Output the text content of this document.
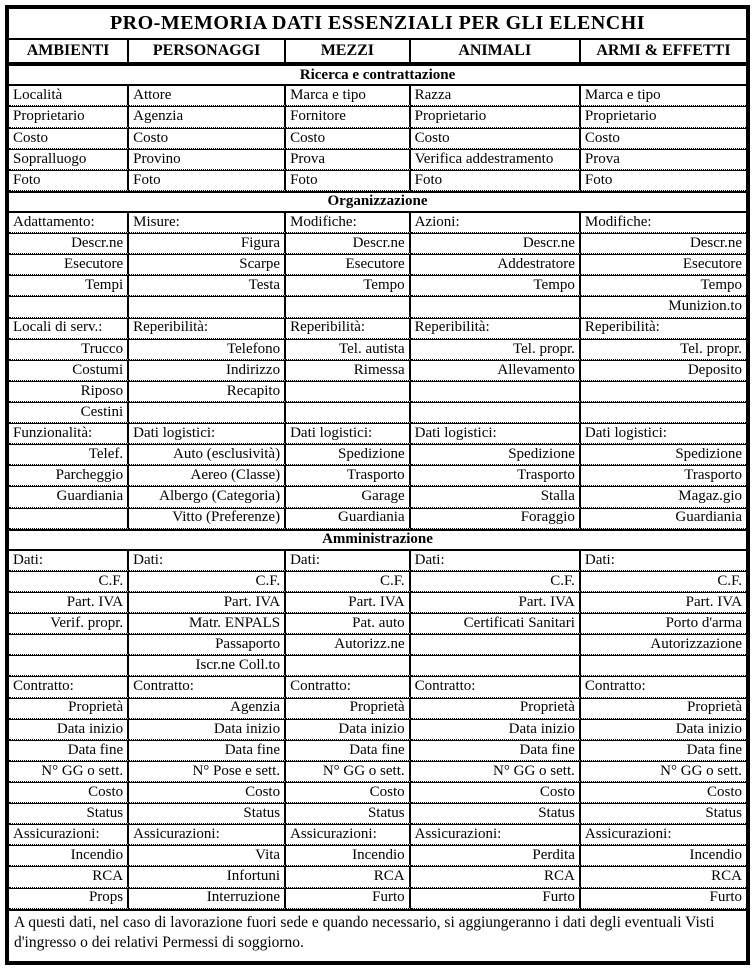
PRO-MEMORIA DATI ESSENZIALI PER GLI ELENCHI				
AMBIENTI	PERSONAGGI	MEZZI	ANIMALI	ARMI & EFFETTI
Ricerca e contrattazione				
Località	Attore	Marca e tipo	Razza	Marca e tipo
Proprietario	Agenzia	Fornitore	Proprietario	Proprietario
Costo	Costo	Costo	Costo	Costo
Sopralluogo	Provino	Prova	Verifica addestramento	Prova
Foto	Foto	Foto	Foto	Foto
Organizzazione				
Adattamento:	Misure:	Modifiche:	Azioni:	Modifiche:
Descr.ne	Figura	Descr.ne	Descr.ne	Descr.ne
Esecutore	Scarpe	Esecutore	Addestratore	Esecutore
Tempi	Testa	Tempo	Tempo	Tempo
				Munizion.to
Locali di serv.:	Reperibilità:	Reperibilità:	Reperibilità:	Reperibilità:
Trucco	Telefono	Tel. autista	Tel. propr.	Tel. propr.
Costumi	Indirizzo	Rimessa	Allevamento	Deposito
Riposo	Recapito			
Cestini				
Funzionalità:	Dati logistici:	Dati logistici:	Dati logistici:	Dati logistici:
Telef.	Auto (esclusività)	Spedizione	Spedizione	Spedizione
Parcheggio	Aereo (Classe)	Trasporto	Trasporto	Trasporto
Guardiania	Albergo (Categoria)	Garage	Stalla	Magaz.gio
	Vitto (Preferenze)	Guardiania	Foraggio	Guardiania
Amministrazione				
Dati:	Dati:	Dati:	Dati:	Dati:
C.F.	C.F.	C.F.	C.F.	C.F.
Part. IVA	Part. IVA	Part. IVA	Part. IVA	Part. IVA
Verif. propr.	Matr. ENPALS	Pat. auto	Certificati Sanitari	Porto d'arma
	Passaporto	Autorizz.ne		Autorizzazione
	Iscr.ne Coll.to			
Contratto:	Contratto:	Contratto:	Contratto:	Contratto:
Proprietà	Agenzia	Proprietà	Proprietà	Proprietà
Data inizio	Data inizio	Data inizio	Data inizio	Data inizio
Data fine	Data fine	Data fine	Data fine	Data fine
N° GG o sett.	N° Pose e sett.	N° GG o sett.	N° GG o sett.	N° GG o sett.
Costo	Costo	Costo	Costo	Costo
Status	Status	Status	Status	Status
Assicurazioni:	Assicurazioni:	Assicurazioni:	Assicurazioni:	Assicurazioni:
Incendio	Vita	Incendio	Perdita	Incendio
RCA	Infortuni	RCA	RCA	RCA
Props	Interruzione	Furto	Furto	Furto
A questi dati, nel caso di lavorazione fuori sede e quando necessario, si aggiungeranno i dati degli eventuali Visti d'ingresso o dei relativi Permessi di soggiorno.				
